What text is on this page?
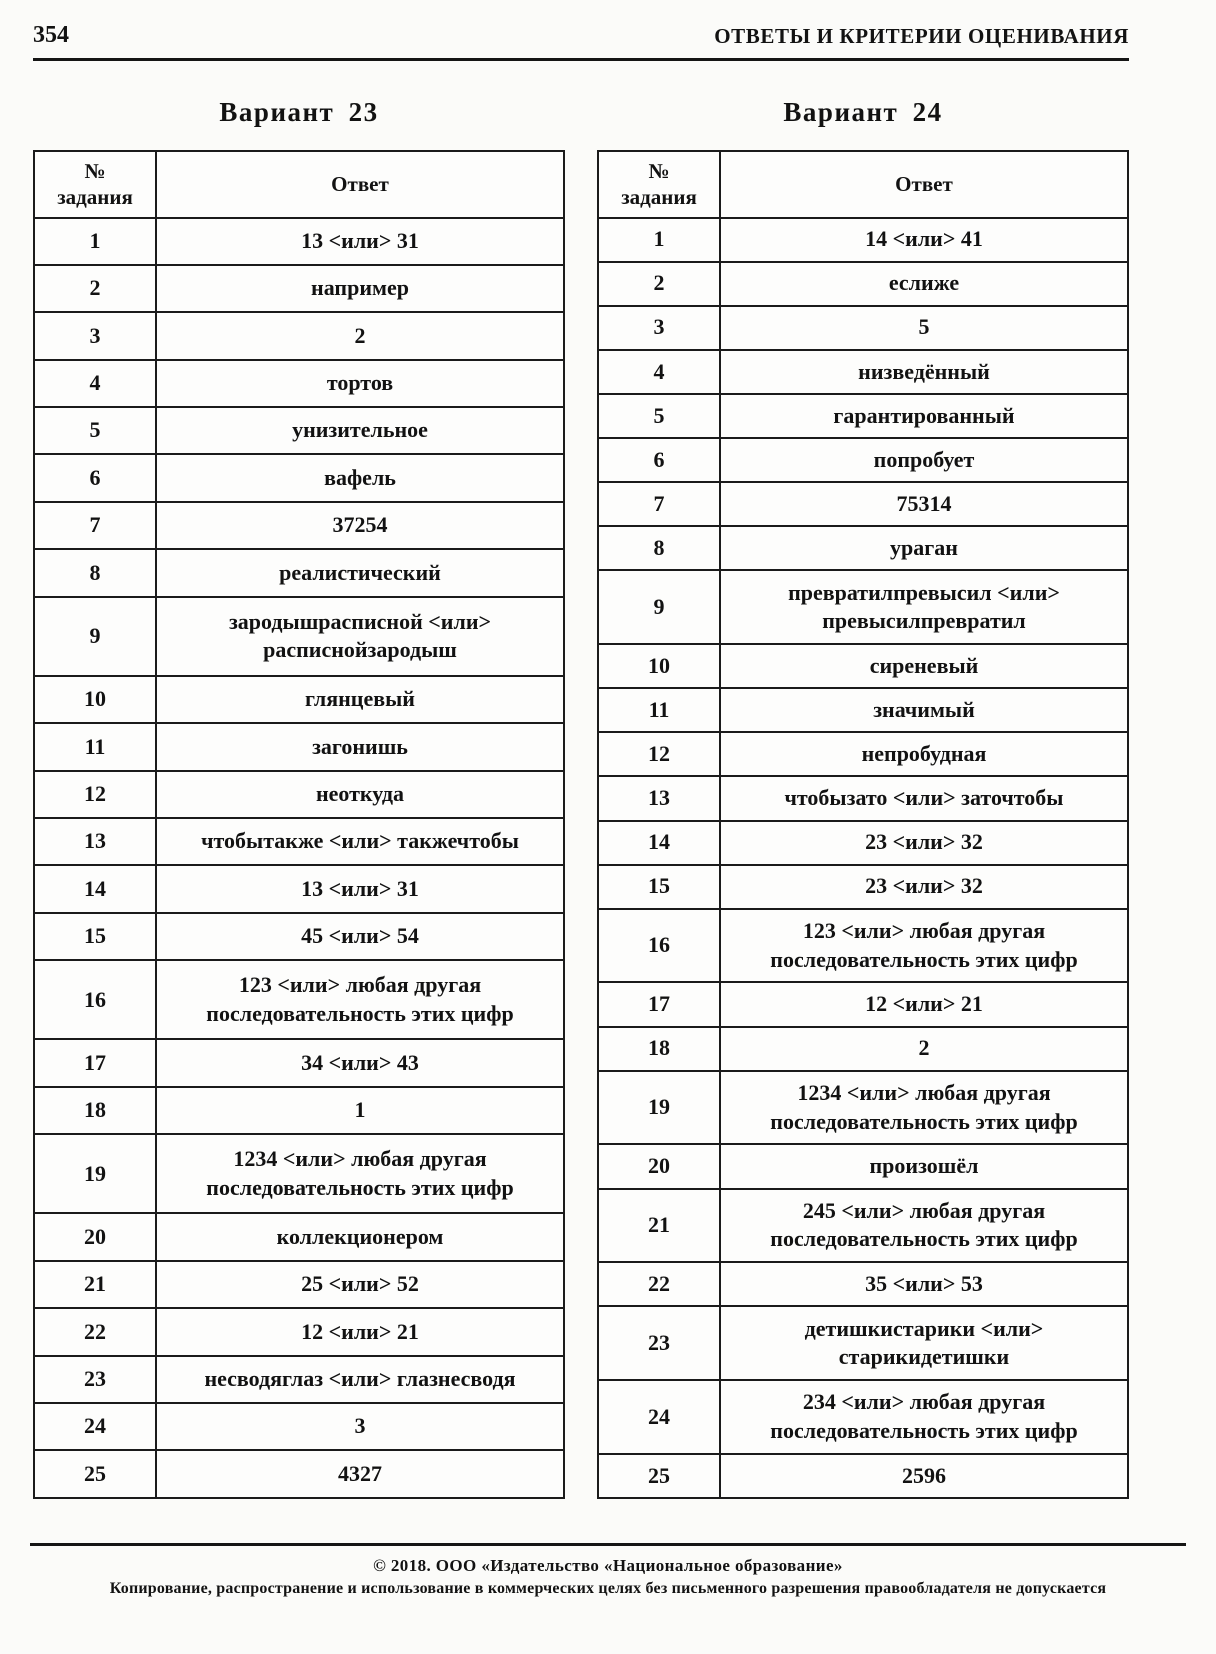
354	ОТВЕТЫ И КРИТЕРИИ ОЦЕНИВАНИЯ
Вариант 23
№ задания	Ответ
1	13 <или> 31
2	например
3	2
4	тортов
5	унизительное
6	вафель
7	37254
8	реалистический
9	зародышрасписной <или> расписнойзародыш
10	глянцевый
11	загонишь
12	неоткуда
13	чтобытакже <или> такжечтобы
14	13 <или> 31
15	45 <или> 54
16	123 <или> любая другая последовательность этих цифр
17	34 <или> 43
18	1
19	1234 <или> любая другая последовательность этих цифр
20	коллекционером
21	25 <или> 52
22	12 <или> 21
23	несводяглаз <или> глазнесводя
24	3
25	4327
Вариант 24
№ задания	Ответ
1	14 <или> 41
2	еслиже
3	5
4	низведённый
5	гарантированный
6	попробует
7	75314
8	ураган
9	превратилпревысил <или> превысилпревратил
10	сиреневый
11	значимый
12	непробудная
13	чтобызато <или> заточтобы
14	23 <или> 32
15	23 <или> 32
16	123 <или> любая другая последовательность этих цифр
17	12 <или> 21
18	2
19	1234 <или> любая другая последовательность этих цифр
20	произошёл
21	245 <или> любая другая последовательность этих цифр
22	35 <или> 53
23	детишкистарики <или> старикидетишки
24	234 <или> любая другая последовательность этих цифр
25	2596
© 2018. ООО «Издательство «Национальное образование»
Копирование, распространение и использование в коммерческих целях без письменного разрешения правообладателя не допускается
